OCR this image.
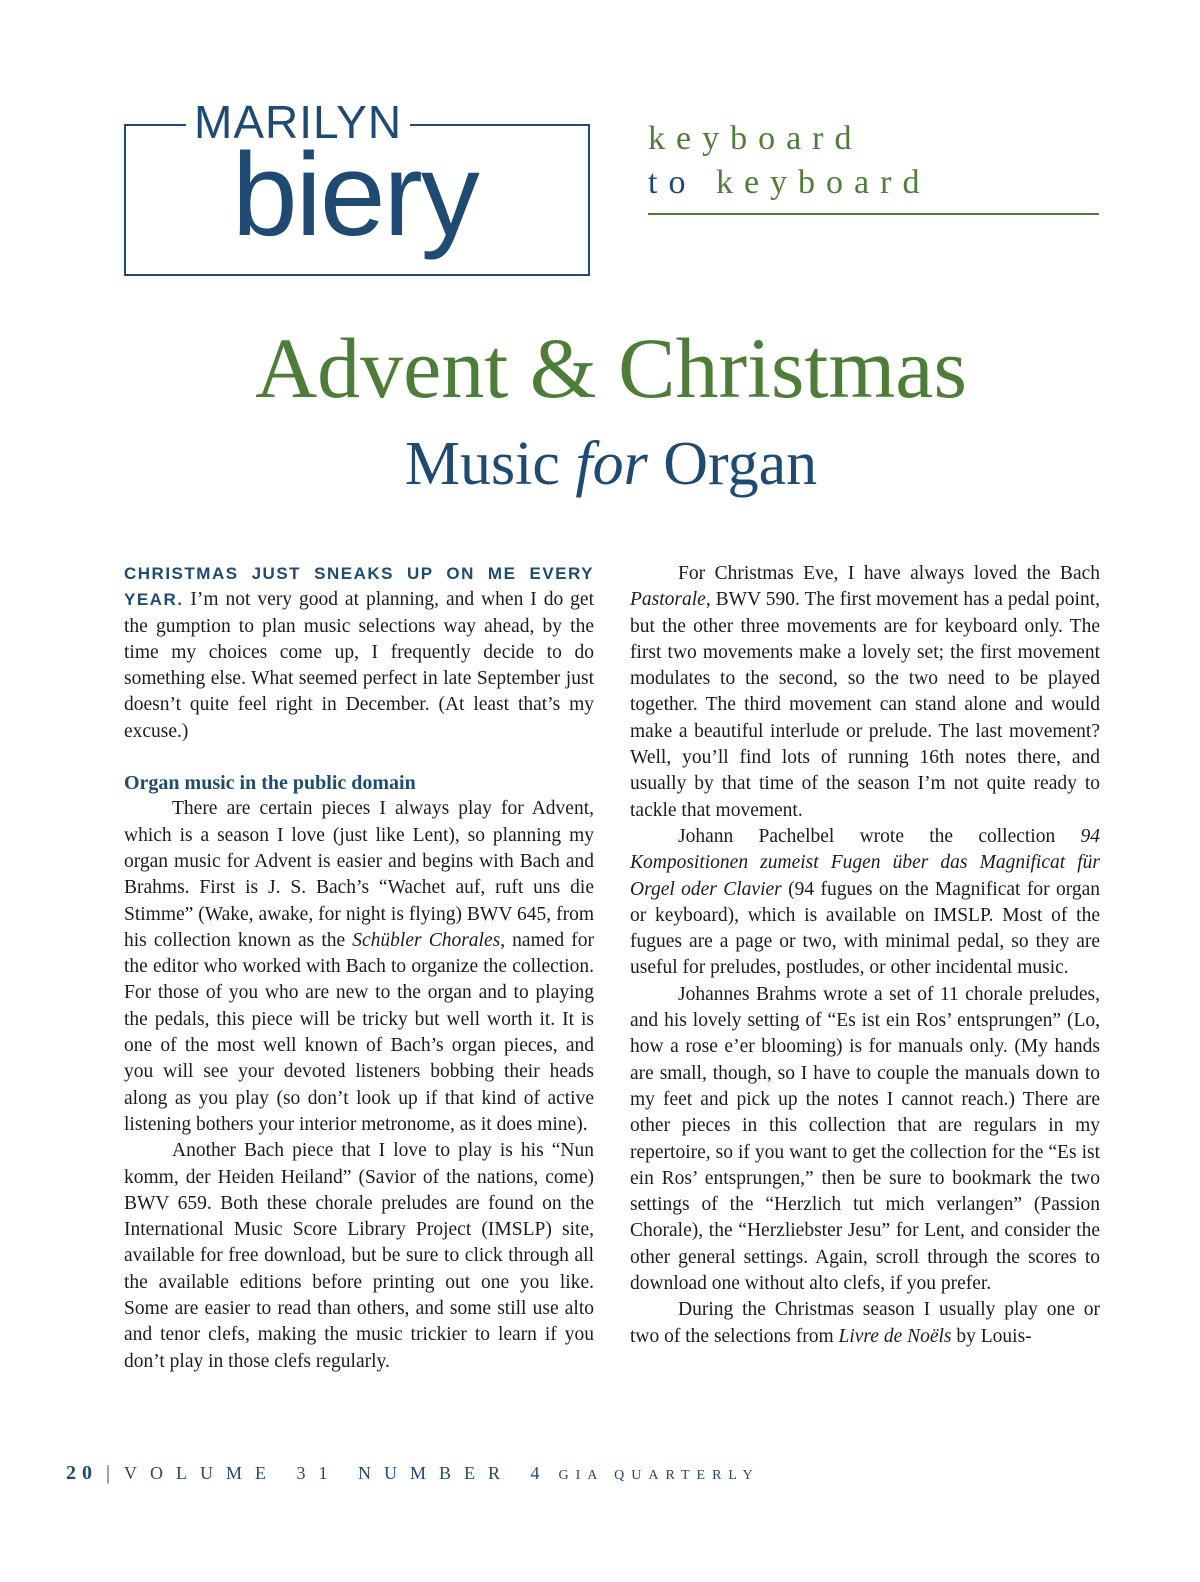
MARILYN
biery	keyboard
to keyboard
Advent & Christmas
Music for Organ

CHRISTMAS JUST SNEAKS UP ON ME EVERY YEAR. I’m not very good at planning, and when I do get the gumption to plan music selections way ahead, by the time my choices come up, I frequently decide to do something else. What seemed perfect in late September just doesn’t quite feel right in December. (At least that’s my excuse.)

Organ music in the public domain

There are certain pieces I always play for Advent, which is a season I love (just like Lent), so planning my organ music for Advent is easier and begins with Bach and Brahms. First is J. S. Bach’s “Wachet auf, ruft uns die Stimme” (Wake, awake, for night is flying) BWV 645, from his collection known as the Schübler Chorales, named for the editor who worked with Bach to organize the collection. For those of you who are new to the organ and to playing the pedals, this piece will be tricky but well worth it. It is one of the most well known of Bach’s organ pieces, and you will see your devoted listeners bobbing their heads along as you play (so don’t look up if that kind of active listening bothers your interior metronome, as it does mine).

Another Bach piece that I love to play is his “Nun komm, der Heiden Heiland” (Savior of the nations, come) BWV 659. Both these chorale preludes are found on the International Music Score Library Project (IMSLP) site, available for free download, but be sure to click through all the available editions before printing out one you like. Some are easier to read than others, and some still use alto and tenor clefs, making the music trickier to learn if you don’t play in those clefs regularly.

For Christmas Eve, I have always loved the Bach Pastorale, BWV 590. The first movement has a pedal point, but the other three movements are for keyboard only. The first two movements make a lovely set; the first movement modulates to the second, so the two need to be played together. The third movement can stand alone and would make a beautiful interlude or prelude. The last movement? Well, you’ll find lots of running 16th notes there, and usually by that time of the season I’m not quite ready to tackle that movement.

Johann Pachelbel wrote the collection 94 Kompositionen zumeist Fugen über das Magnificat für Orgel oder Clavier (94 fugues on the Magnificat for organ or keyboard), which is available on IMSLP. Most of the fugues are a page or two, with minimal pedal, so they are useful for preludes, postludes, or other incidental music.

Johannes Brahms wrote a set of 11 chorale preludes, and his lovely setting of “Es ist ein Ros’ entsprungen” (Lo, how a rose e’er blooming) is for manuals only. (My hands are small, though, so I have to couple the manuals down to my feet and pick up the notes I cannot reach.) There are other pieces in this collection that are regulars in my repertoire, so if you want to get the collection for the “Es ist ein Ros’ entsprungen,” then be sure to bookmark the two settings of the “Herzlich tut mich verlangen” (Passion Chorale), the “Herzliebster Jesu” for Lent, and consider the other general settings. Again, scroll through the scores to download one without alto clefs, if you prefer.

During the Christmas season I usually play one or two of the selections from Livre de Noëls by Louis-

20 | VOLUME 31 NUMBER 4 GIA QUARTERLY
